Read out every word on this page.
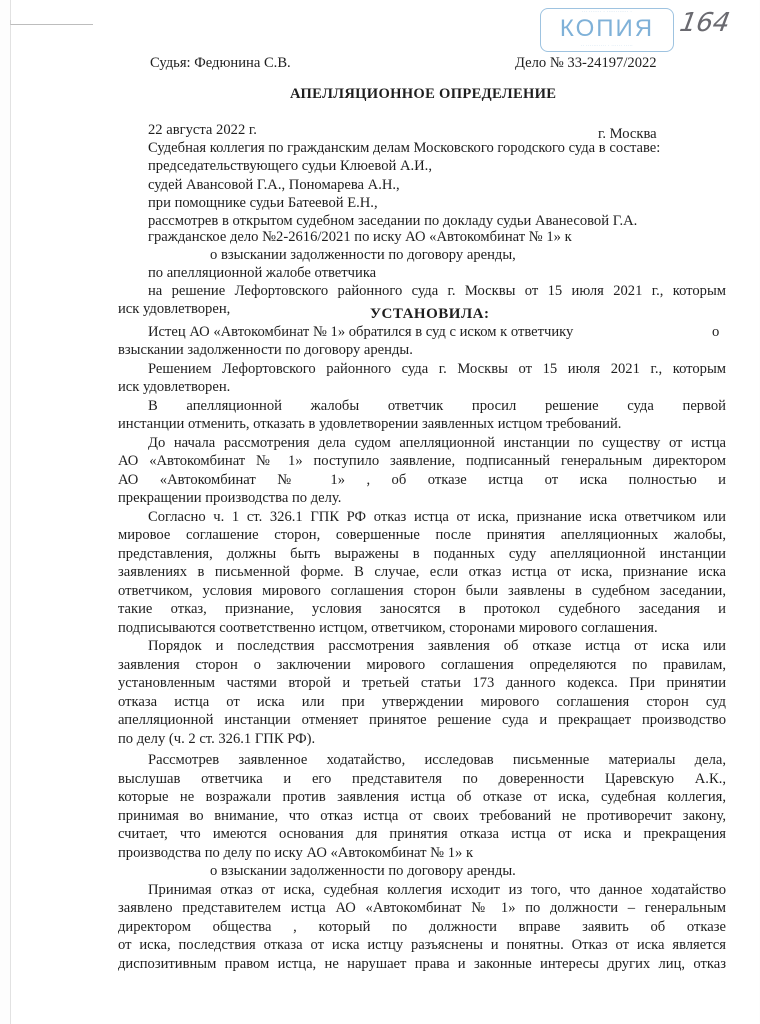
··· ······· · ············ ·
КОПИЯ
·· ··········· · ······ ·····
164
Судья: Федюнина С.В.	Дело № 33-24197/2022
АПЕЛЛЯЦИОННОЕ ОПРЕДЕЛЕНИЕ
22 августа 2022 г.	г. Москва
Судебная коллегия по гражданским делам Московского городского суда в составе:
председательствующего судьи Клюевой А.И.,
судей Авансовой Г.А., Пономарева А.Н.,
при помощнике судьи Батеевой Е.Н.,
рассмотрев в открытом судебном заседании по докладу судьи Аванесовой Г.А.
гражданское дело №2-2616/2021 по иску АО «Автокомбинат № 1» к
о взыскании задолженности по договору аренды,
по апелляционной жалобе ответчика
на решение Лефортовского районного суда г. Москвы от 15 июля 2021 г., которым
иск удовлетворен,	УСТАНОВИЛА:
Истец АО «Автокомбинат № 1» обратился в суд с иском к ответчику	о
взыскании задолженности по договору аренды.
Решением Лефортовского районного суда г. Москвы от 15 июля 2021 г., которым
иск удовлетворен.
В апелляционной жалобы ответчик просил решение суда первой
инстанции отменить, отказать в удовлетворении заявленных истцом требований.
До начала рассмотрения дела судом апелляционной инстанции по существу от истца
АО «Автокомбинат № 1» поступило заявление, подписанный генеральным директором
АО «Автокомбинат № 1» , об отказе истца от иска полностью и
прекращении производства по делу.
Согласно ч. 1 ст. 326.1 ГПК РФ отказ истца от иска, признание иска ответчиком или
мировое соглашение сторон, совершенные после принятия апелляционных жалобы,
представления, должны быть выражены в поданных суду апелляционной инстанции
заявлениях в письменной форме. В случае, если отказ истца от иска, признание иска
ответчиком, условия мирового соглашения сторон были заявлены в судебном заседании,
такие отказ, признание, условия заносятся в протокол судебного заседания и
подписываются соответственно истцом, ответчиком, сторонами мирового соглашения.
Порядок и последствия рассмотрения заявления об отказе истца от иска или
заявления сторон о заключении мирового соглашения определяются по правилам,
установленным частями второй и третьей статьи 173 данного кодекса. При принятии
отказа истца от иска или при утверждении мирового соглашения сторон суд
апелляционной инстанции отменяет принятое решение суда и прекращает производство
по делу (ч. 2 ст. 326.1 ГПК РФ).
Рассмотрев заявленное ходатайство, исследовав письменные материалы дела,
выслушав ответчика и его представителя по доверенности Царевскую А.К.,
которые не возражали против заявления истца об отказе от иска, судебная коллегия,
принимая во внимание, что отказ истца от своих требований не противоречит закону,
считает, что имеются основания для принятия отказа истца от иска и прекращения
производства по делу по иску АО «Автокомбинат № 1» к
о взыскании задолженности по договору аренды.
Принимая отказ от иска, судебная коллегия исходит из того, что данное ходатайство
заявлено представителем истца АО «Автокомбинат № 1» по должности – генеральным
директором общества , который по должности вправе заявить об отказе
от иска, последствия отказа от иска истцу разъяснены и понятны. Отказ от иска является
диспозитивным правом истца, не нарушает права и законные интересы других лиц, отказ
